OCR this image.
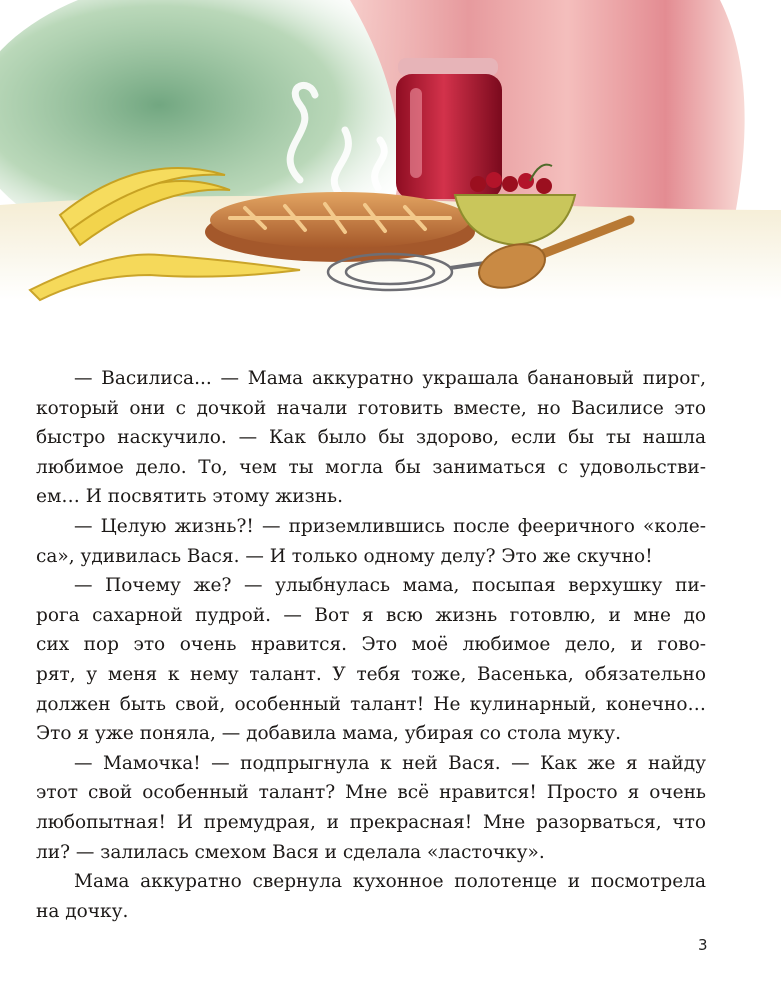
— Василиса... — Мама аккуратно украшала банановый пирог,
который они с дочкой начали готовить вместе, но Василисе это
быстро наскучило. — Как было бы здорово, если бы ты нашла
любимое дело. То, чем ты могла бы заниматься с удовольстви-
ем… И посвятить этому жизнь.

— Целую жизнь?! — приземлившись после фееричного «коле-
са», удивилась Вася. — И только одному делу? Это же скучно!

— Почему же? — улыбнулась мама, посыпая верхушку пи-
рога сахарной пудрой. — Вот я всю жизнь готовлю, и мне до
сих пор это очень нравится. Это моё любимое дело, и гово-
рят, у меня к нему талант. У тебя тоже, Васенька, обязательно
должен быть свой, особенный талант! Не кулинарный, конечно…
Это я уже поняла, — добавила мама, убирая со стола муку.

— Мамочка! — подпрыгнула к ней Вася. — Как же я найду
этот свой особенный талант? Мне всё нравится! Просто я очень
любопытная! И премудрая, и прекрасная! Мне разорваться, что
ли? — залилась смехом Вася и сделала «ласточку».

Мама аккуратно свернула кухонное полотенце и посмотрела
на дочку.

3
